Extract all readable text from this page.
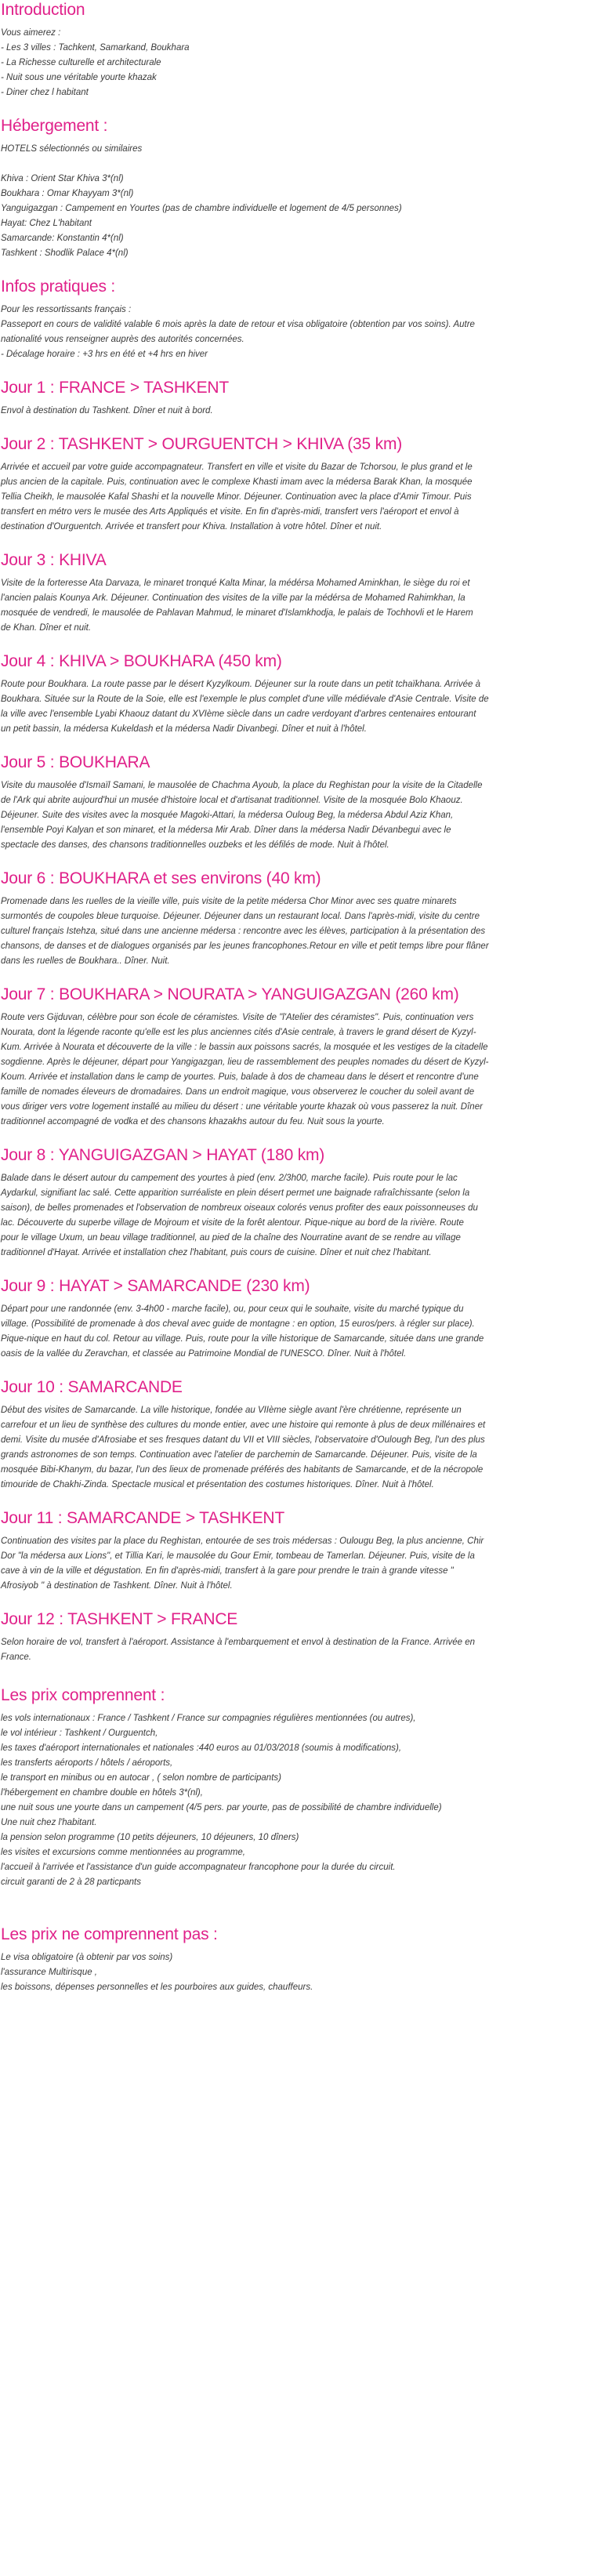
Introduction
Vous aimerez :
- Les 3 villes : Tachkent, Samarkand, Boukhara
- La Richesse culturelle et architecturale
- Nuit sous une véritable yourte khazak
- Diner chez l habitant
Hébergement :
HOTELS sélectionnés ou similaires
Khiva : Orient Star Khiva 3*(nl)
Boukhara : Omar Khayyam 3*(nl)
Yanguigazgan : Campement en Yourtes (pas de chambre individuelle et logement de 4/5 personnes)
Hayat: Chez L'habitant
Samarcande: Konstantin 4*(nl)
Tashkent : Shodlik Palace 4*(nl)
Infos pratiques :
Pour les ressortissants français :
Passeport en cours de validité valable 6 mois après la date de retour et visa obligatoire (obtention par vos soins). Autre
nationalité vous renseigner auprès des autorités concernées.
- Décalage horaire : +3 hrs en été et +4 hrs en hiver
Jour 1 : FRANCE > TASHKENT
Envol à destination du Tashkent. Dîner et nuit à bord.
Jour 2 : TASHKENT > OURGUENTCH > KHIVA (35 km)
Arrivée et accueil par votre guide accompagnateur. Transfert en ville et visite du Bazar de Tchorsou, le plus grand et le
plus ancien de la capitale. Puis, continuation avec le complexe Khasti imam avec la médersa Barak Khan, la mosquée
Tellia Cheikh, le mausolée Kafal Shashi et la nouvelle Minor. Déjeuner. Continuation avec la place d'Amir Timour. Puis
transfert en métro vers le musée des Arts Appliqués et visite. En fin d'après-midi, transfert vers l'aéroport et envol à
destination d'Ourguentch. Arrivée et transfert pour Khiva. Installation à votre hôtel. Dîner et nuit.
Jour 3 : KHIVA
Visite de la forteresse Ata Darvaza, le minaret tronqué Kalta Minar, la médérsa Mohamed Aminkhan, le siège du roi et
l'ancien palais Kounya Ark. Déjeuner. Continuation des visites de la ville par la médérsa de Mohamed Rahimkhan, la
mosquée de vendredi, le mausolée de Pahlavan Mahmud, le minaret d'Islamkhodja, le palais de Tochhovli et le Harem
de Khan. Dîner et nuit.
Jour 4 : KHIVA > BOUKHARA (450 km)
Route pour Boukhara. La route passe par le désert Kyzylkoum. Déjeuner sur la route dans un petit tchaïkhana. Arrivée à
Boukhara. Située sur la Route de la Soie, elle est l'exemple le plus complet d'une ville médiévale d'Asie Centrale. Visite de
la ville avec l'ensemble Lyabi Khaouz datant du XVIème siècle dans un cadre verdoyant d'arbres centenaires entourant
un petit bassin, la médersa Kukeldash et la médersa Nadir Divanbegi. Dîner et nuit à l'hôtel.
Jour 5 : BOUKHARA
Visite du mausolée d'Ismaïl Samani, le mausolée de Chachma Ayoub, la place du Reghistan pour la visite de la Citadelle
de l'Ark qui abrite aujourd'hui un musée d'histoire local et d'artisanat traditionnel. Visite de la mosquée Bolo Khaouz.
Déjeuner. Suite des visites avec la mosquée Magoki-Attari, la médersa Ouloug Beg, la médersa Abdul Aziz Khan,
l'ensemble Poyi Kalyan et son minaret, et la médersa Mir Arab. Dîner dans la médersa Nadir Dévanbegui avec le
spectacle des danses, des chansons traditionnelles ouzbeks et les défilés de mode. Nuit à l'hôtel.
Jour 6 : BOUKHARA et ses environs (40 km)
Promenade dans les ruelles de la vieille ville, puis visite de la petite médersa Chor Minor avec ses quatre minarets
surmontés de coupoles bleue turquoise. Déjeuner. Déjeuner dans un restaurant local. Dans l'après-midi, visite du centre
culturel français Istehza, situé dans une ancienne médersa : rencontre avec les élèves, participation à la présentation des
chansons, de danses et de dialogues organisés par les jeunes francophones.Retour en ville et petit temps libre pour flâner
dans les ruelles de Boukhara.. Dîner. Nuit.
Jour 7 : BOUKHARA > NOURATA > YANGUIGAZGAN (260 km)
Route vers Gijduvan, célèbre pour son école de céramistes. Visite de "l'Atelier des céramistes". Puis, continuation vers
Nourata, dont la légende raconte qu'elle est les plus anciennes cités d'Asie centrale, à travers le grand désert de Kyzyl-
Kum. Arrivée à Nourata et découverte de la ville : le bassin aux poissons sacrés, la mosquée et les vestiges de la citadelle
sogdienne. Après le déjeuner, départ pour Yangigazgan, lieu de rassemblement des peuples nomades du désert de Kyzyl-
Koum. Arrivée et installation dans le camp de yourtes. Puis, balade à dos de chameau dans le désert et rencontre d'une
famille de nomades éleveurs de dromadaires. Dans un endroit magique, vous observerez le coucher du soleil avant de
vous diriger vers votre logement installé au milieu du désert : une véritable yourte khazak où vous passerez la nuit. Dîner
traditionnel accompagné de vodka et des chansons khazakhs autour du feu. Nuit sous la yourte.
Jour 8 : YANGUIGAZGAN > HAYAT (180 km)
Balade dans le désert autour du campement des yourtes à pied (env. 2/3h00, marche facile). Puis route pour le lac
Aydarkul, signifiant lac salé. Cette apparition surréaliste en plein désert permet une baignade rafraîchissante (selon la
saison), de belles promenades et l'observation de nombreux oiseaux colorés venus profiter des eaux poissonneuses du
lac. Découverte du superbe village de Mojroum et visite de la forêt alentour. Pique-nique au bord de la rivière. Route
pour le village Uxum, un beau village traditionnel, au pied de la chaîne des Nourratine avant de se rendre au village
traditionnel d'Hayat. Arrivée et installation chez l'habitant, puis cours de cuisine. Dîner et nuit chez l'habitant.
Jour 9 : HAYAT > SAMARCANDE (230 km)
Départ pour une randonnée (env. 3-4h00 - marche facile), ou, pour ceux qui le souhaite, visite du marché typique du
village. (Possibilité de promenade à dos cheval avec guide de montagne : en option, 15 euros/pers. à régler sur place).
Pique-nique en haut du col. Retour au village. Puis, route pour la ville historique de Samarcande, située dans une grande
oasis de la vallée du Zeravchan, et classée au Patrimoine Mondial de l'UNESCO. Dîner. Nuit à l'hôtel.
Jour 10 : SAMARCANDE
Début des visites de Samarcande. La ville historique, fondée au VIIème siègle avant l'ère chrétienne, représente un
carrefour et un lieu de synthèse des cultures du monde entier, avec une histoire qui remonte à plus de deux millénaires et
demi. Visite du musée d'Afrosiabe et ses fresques datant du VII et VIII siècles, l'observatoire d'Oulough Beg, l'un des plus
grands astronomes de son temps. Continuation avec l'atelier de parchemin de Samarcande. Déjeuner. Puis, visite de la
mosquée Bibi-Khanym, du bazar, l'un des lieux de promenade préférés des habitants de Samarcande, et de la nécropole
timouride de Chakhi-Zinda. Spectacle musical et présentation des costumes historiques. Dîner. Nuit à l'hôtel.
Jour 11 : SAMARCANDE > TASHKENT
Continuation des visites par la place du Reghistan, entourée de ses trois médersas : Oulougu Beg, la plus ancienne, Chir
Dor "la médersa aux Lions", et Tillia Kari, le mausolée du Gour Emir, tombeau de Tamerlan. Déjeuner. Puis, visite de la
cave à vin de la ville et dégustation. En fin d'après-midi, transfert à la gare pour prendre le train à grande vitesse "
Afrosiyob " à destination de Tashkent. Dîner. Nuit à l'hôtel.
Jour 12 : TASHKENT > FRANCE
Selon horaire de vol, transfert à l'aéroport. Assistance à l'embarquement et envol à destination de la France. Arrivée en
France.
Les prix comprennent :
les vols internationaux : France / Tashkent / France sur compagnies régulières mentionnées (ou autres),
le vol intérieur : Tashkent / Ourguentch,
les taxes d'aéroport internationales et nationales :440 euros au 01/03/2018 (soumis à modifications),
les transferts aéroports / hôtels / aéroports,
le transport en minibus ou en autocar , ( selon nombre de participants)
l'hébergement en chambre double en hôtels 3*(nl),
une nuit sous une yourte dans un campement (4/5 pers. par yourte, pas de possibilité de chambre individuelle)
Une nuit chez l'habitant.
la pension selon programme (10 petits déjeuners, 10 déjeuners, 10 dîners)
les visites et excursions comme mentionnées au programme,
l'accueil à l'arrivée et l'assistance d'un guide accompagnateur francophone pour la durée du circuit.
circuit garanti de 2 à 28 particpants
Les prix ne comprennent pas :
Le visa obligatoire (à obtenir par vos soins)
l'assurance Multirisque ,
les boissons, dépenses personnelles et les pourboires aux guides, chauffeurs.
